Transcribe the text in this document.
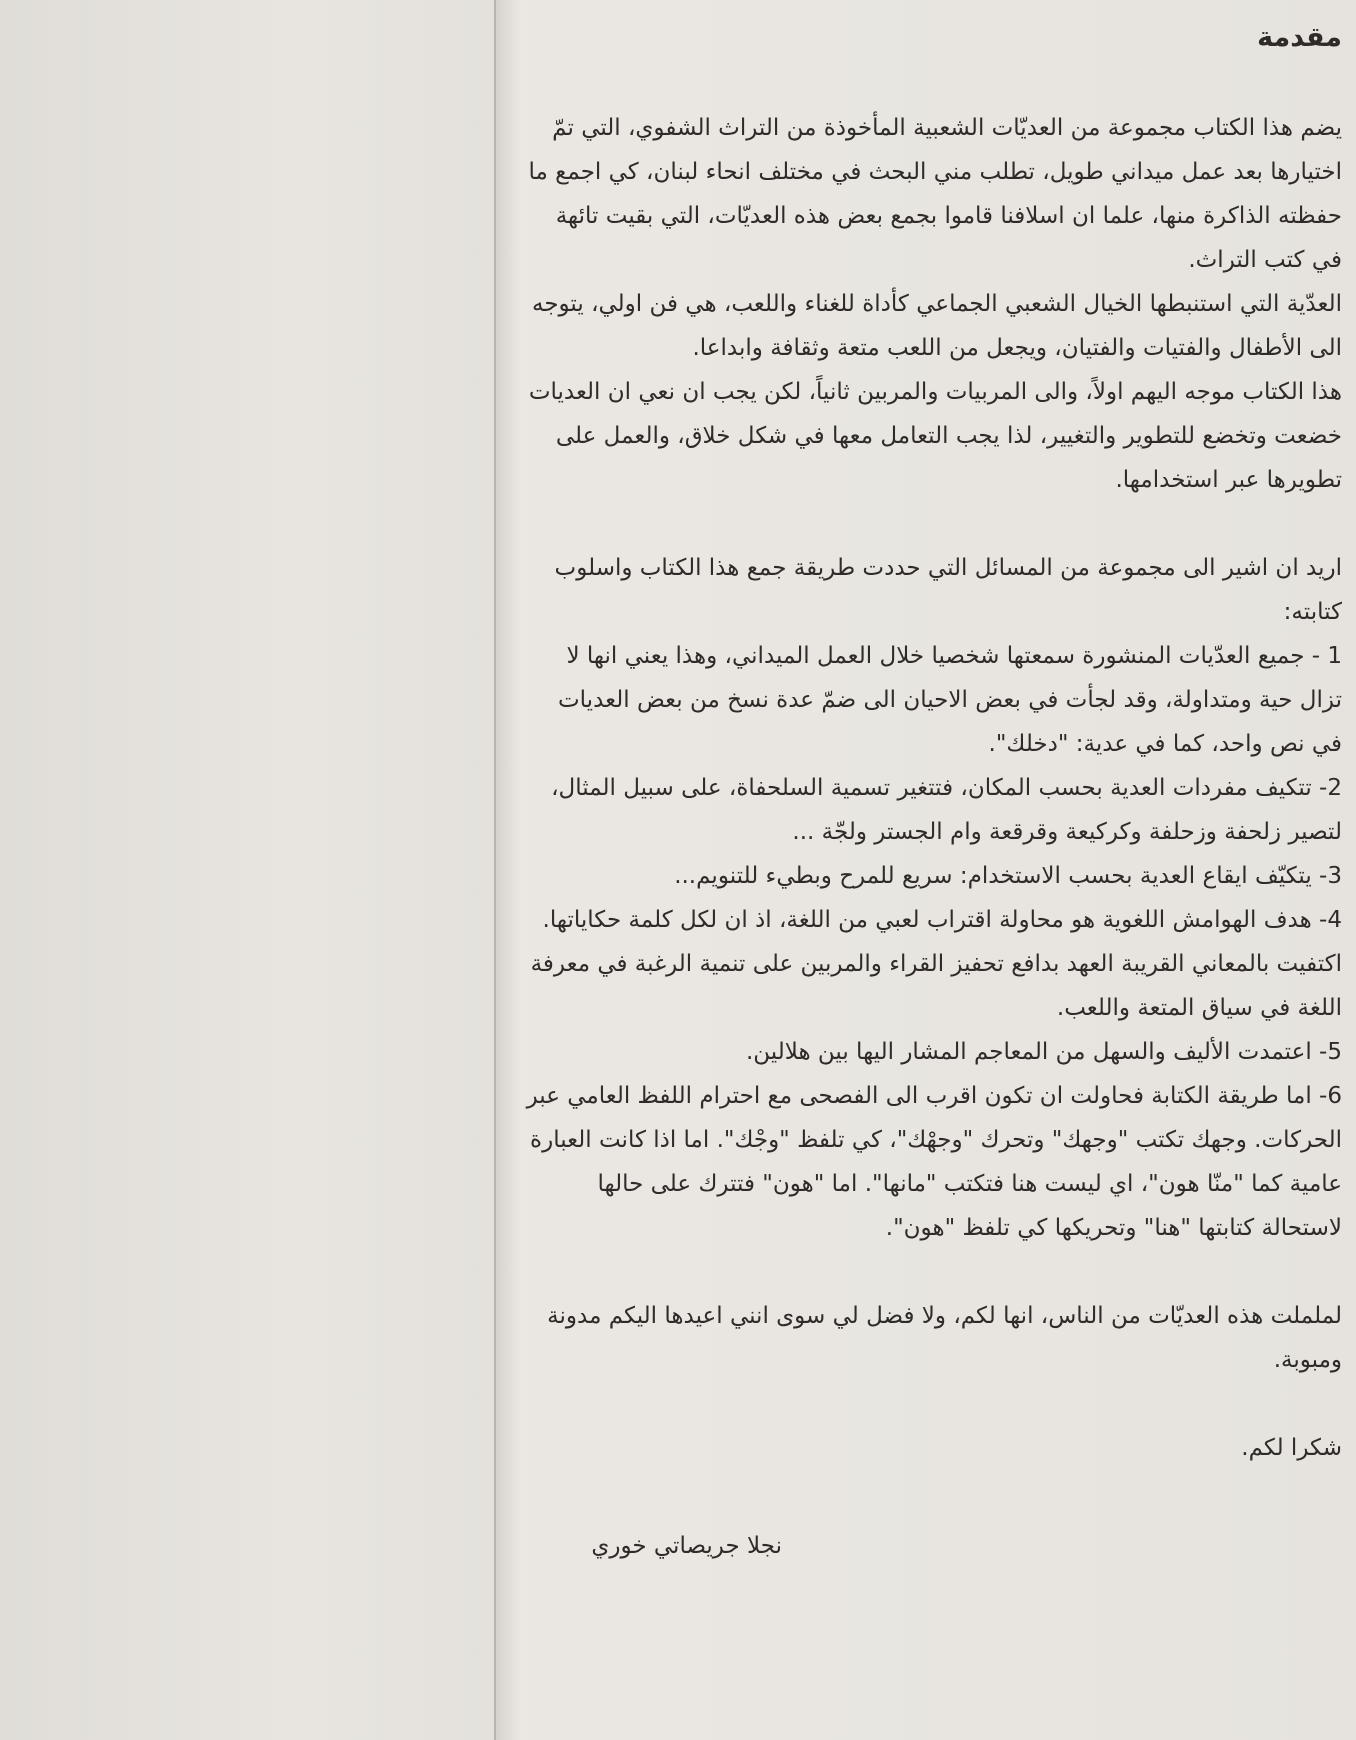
مقدمة

يضم هذا الكتاب مجموعة من العديّات الشعبية المأخوذة من التراث الشفوي، التي تمّ اختيارها بعد عمل ميداني طويل، تطلب مني البحث في مختلف انحاء لبنان، كي اجمع ما حفظته الذاكرة منها، علما ان اسلافنا قاموا بجمع بعض هذه العديّات، التي بقيت تائهة في كتب التراث.

العدّية التي استنبطها الخيال الشعبي الجماعي كأداة للغناء واللعب، هي فن اولي، يتوجه الى الأطفال والفتيات والفتيان، ويجعل من اللعب متعة وثقافة وابداعا.

هذا الكتاب موجه اليهم اولاً، والى المربيات والمربين ثانياً، لكن يجب ان نعي ان العديات خضعت وتخضع للتطوير والتغيير، لذا يجب التعامل معها في شكل خلاق، والعمل على تطويرها عبر استخدامها.

اريد ان اشير الى مجموعة من المسائل التي حددت طريقة جمع هذا الكتاب واسلوب كتابته:

1 - جميع العدّيات المنشورة سمعتها شخصيا خلال العمل الميداني، وهذا يعني انها لا تزال حية ومتداولة، وقد لجأت في بعض الاحيان الى ضمّ عدة نسخ من بعض العديات في نص واحد، كما في عدية: "دخلك".

2- تتكيف مفردات العدية بحسب المكان، فتتغير تسمية السلحفاة، على سبيل المثال، لتصير زلحفة وزحلفة وكركيعة وقرقعة وام الجستر ولجّة ...

3- يتكيّف ايقاع العدية بحسب الاستخدام: سريع للمرح وبطيء للتنويم...

4- هدف الهوامش اللغوية هو محاولة اقتراب لعبي من اللغة، اذ ان لكل كلمة حكاياتها. اكتفيت بالمعاني القريبة العهد بدافع تحفيز القراء والمربين على تنمية الرغبة في معرفة اللغة في سياق المتعة واللعب.

5- اعتمدت الأليف والسهل من المعاجم المشار اليها بين هلالين.

6- اما طريقة الكتابة فحاولت ان تكون اقرب الى الفصحى مع احترام اللفظ العامي عبر الحركات. وجهك تكتب "وجهك" وتحرك "وجهْك"، كي تلفظ "وجْك". اما اذا كانت العبارة عامية كما "منّا هون"، اي ليست هنا فتكتب "مانها". اما "هون" فتترك على حالها لاستحالة كتابتها "هنا" وتحريكها كي تلفظ "هون".

لململت هذه العديّات من الناس، انها لكم، ولا فضل لي سوى انني اعيدها اليكم مدونة ومبوبة.

شكرا لكم.

نجلا جريصاتي خوري
